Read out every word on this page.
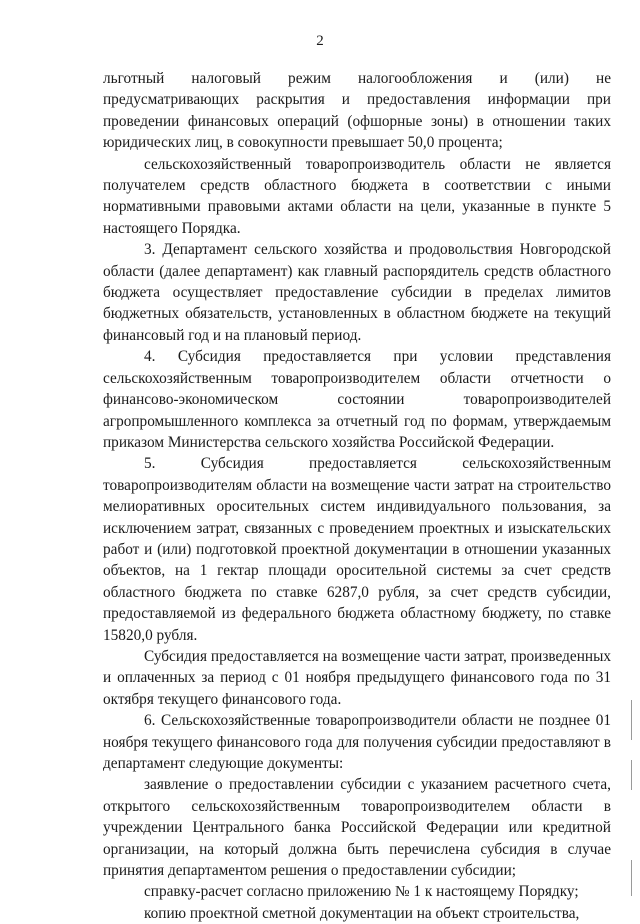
2

льготный налоговый режим налогообложения и (или) не предусматривающих раскрытия и предоставления информации при проведении финансовых операций (офшорные зоны) в отношении таких юридических лиц, в совокупности превышает 50,0 процента;

сельскохозяйственный товаропроизводитель области не является получателем средств областного бюджета в соответствии с иными нормативными правовыми актами области на цели, указанные в пункте 5 настоящего Порядка.

3. Департамент сельского хозяйства и продовольствия Новгородской области (далее департамент) как главный распорядитель средств областного бюджета осуществляет предоставление субсидии в пределах лимитов бюджетных обязательств, установленных в областном бюджете на текущий финансовый год и на плановый период.

4. Субсидия предоставляется при условии представления сельскохозяйственным товаропроизводителем области отчетности о финансово-экономическом состоянии товаропроизводителей агропромышленного комплекса за отчетный год по формам, утверждаемым приказом Министерства сельского хозяйства Российской Федерации.

5. Субсидия предоставляется сельскохозяйственным товаропроизводителям области на возмещение части затрат на строительство мелиоративных оросительных систем индивидуального пользования, за исключением затрат, связанных с проведением проектных и изыскательских работ и (или) подготовкой проектной документации в отношении указанных объектов, на 1 гектар площади оросительной системы за счет средств областного бюджета по ставке 6287,0 рубля, за счет средств субсидии, предоставляемой из федерального бюджета областному бюджету, по ставке 15820,0 рубля.

Субсидия предоставляется на возмещение части затрат, произведенных и оплаченных за период с 01 ноября предыдущего финансового года по 31 октября текущего финансового года.

6. Сельскохозяйственные товаропроизводители области не позднее 01 ноября текущего финансового года для получения субсидии предоставляют в департамент следующие документы:

заявление о предоставлении субсидии с указанием расчетного счета, открытого сельскохозяйственным товаропроизводителем области в учреждении Центрального банка Российской Федерации или кредитной организации, на который должна быть перечислена субсидия в случае принятия департаментом решения о предоставлении субсидии;

справку-расчет согласно приложению № 1 к настоящему Порядку;

копию проектной сметной документации на объект строительства,
